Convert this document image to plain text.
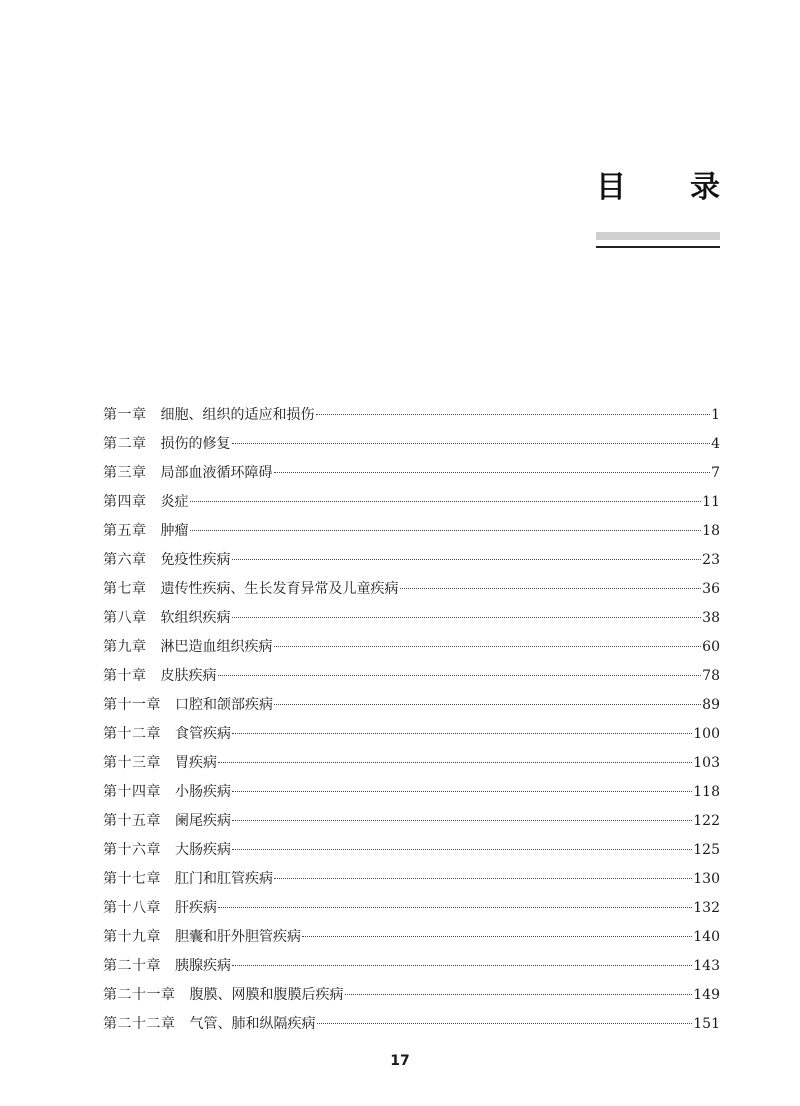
目 录
第一章 细胞、组织的适应和损伤	1
第二章 损伤的修复	4
第三章 局部血液循环障碍	7
第四章 炎症	11
第五章 肿瘤	18
第六章 免疫性疾病	23
第七章 遗传性疾病、生长发育异常及儿童疾病	36
第八章 软组织疾病	38
第九章 淋巴造血组织疾病	60
第十章 皮肤疾病	78
第十一章 口腔和颌部疾病	89
第十二章 食管疾病	100
第十三章 胃疾病	103
第十四章 小肠疾病	118
第十五章 阑尾疾病	122
第十六章 大肠疾病	125
第十七章 肛门和肛管疾病	130
第十八章 肝疾病	132
第十九章 胆囊和肝外胆管疾病	140
第二十章 胰腺疾病	143
第二十一章 腹膜、网膜和腹膜后疾病	149
第二十二章 气管、肺和纵隔疾病	151
17
